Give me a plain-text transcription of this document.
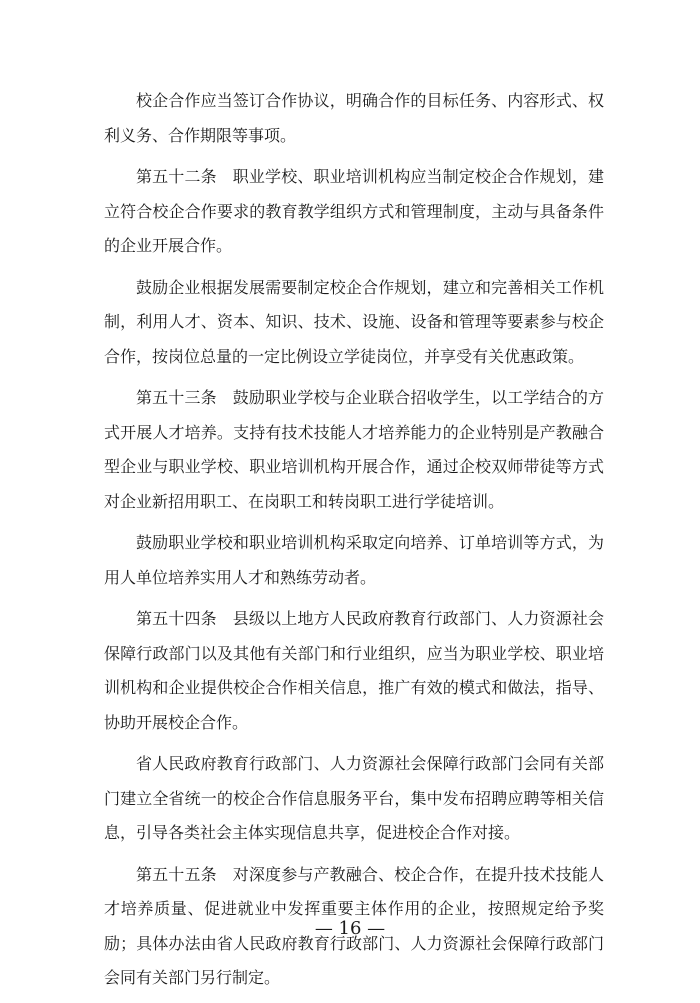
校企合作应当签订合作协议，明确合作的目标任务、内容形式、权利义务、合作期限等事项。

第五十二条 职业学校、职业培训机构应当制定校企合作规划，建立符合校企合作要求的教育教学组织方式和管理制度，主动与具备条件的企业开展合作。

鼓励企业根据发展需要制定校企合作规划，建立和完善相关工作机制，利用人才、资本、知识、技术、设施、设备和管理等要素参与校企合作，按岗位总量的一定比例设立学徒岗位，并享受有关优惠政策。

第五十三条 鼓励职业学校与企业联合招收学生，以工学结合的方式开展人才培养。支持有技术技能人才培养能力的企业特别是产教融合型企业与职业学校、职业培训机构开展合作，通过企校双师带徒等方式对企业新招用职工、在岗职工和转岗职工进行学徒培训。

鼓励职业学校和职业培训机构采取定向培养、订单培训等方式，为用人单位培养实用人才和熟练劳动者。

第五十四条 县级以上地方人民政府教育行政部门、人力资源社会保障行政部门以及其他有关部门和行业组织，应当为职业学校、职业培训机构和企业提供校企合作相关信息，推广有效的模式和做法，指导、协助开展校企合作。

省人民政府教育行政部门、人力资源社会保障行政部门会同有关部门建立全省统一的校企合作信息服务平台，集中发布招聘应聘等相关信息，引导各类社会主体实现信息共享，促进校企合作对接。

第五十五条 对深度参与产教融合、校企合作，在提升技术技能人才培养质量、促进就业中发挥重要主体作用的企业，按照规定给予奖励；具体办法由省人民政府教育行政部门、人力资源社会保障行政部门会同有关部门另行制定。

— 16 —
